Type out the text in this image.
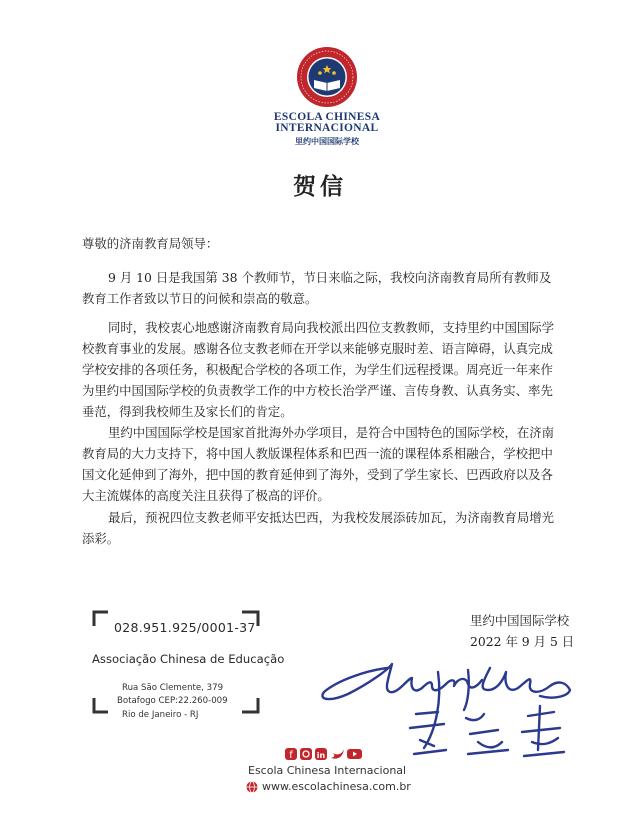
ESCOLA CHINESA
INTERNACIONAL
里约中国国际学校
贺信
尊敬的济南教育局领导：
9 月 10 日是我国第 38 个教师节，节日来临之际，我校向济南教育局所有教师及教育工作者致以节日的问候和崇高的敬意。
同时，我校衷心地感谢济南教育局向我校派出四位支教教师，支持里约中国国际学校教育事业的发展。感谢各位支教老师在开学以来能够克服时差、语言障碍，认真完成学校安排的各项任务，积极配合学校的各项工作，为学生们远程授课。周亮近一年来作为里约中国国际学校的负责教学工作的中方校长治学严谨、言传身教、认真务实、率先垂范，得到我校师生及家长们的肯定。
里约中国国际学校是国家首批海外办学项目，是符合中国特色的国际学校，在济南教育局的大力支持下，将中国人教版课程体系和巴西一流的课程体系相融合，学校把中国文化延伸到了海外，把中国的教育延伸到了海外，受到了学生家长、巴西政府以及各大主流媒体的高度关注且获得了极高的评价。
最后，预祝四位支教老师平安抵达巴西，为我校发展添砖加瓦，为济南教育局增光添彩。
里约中国国际学校
2022 年 9 月 5 日
028.951.925/0001-37
Associação Chinesa de Educação
Rua São Clemente, 379
Botafogo CEP:22.260-009
Rio de Janeiro - RJ
f	in
Escola Chinesa Internacional
www.escolachinesa.com.br
